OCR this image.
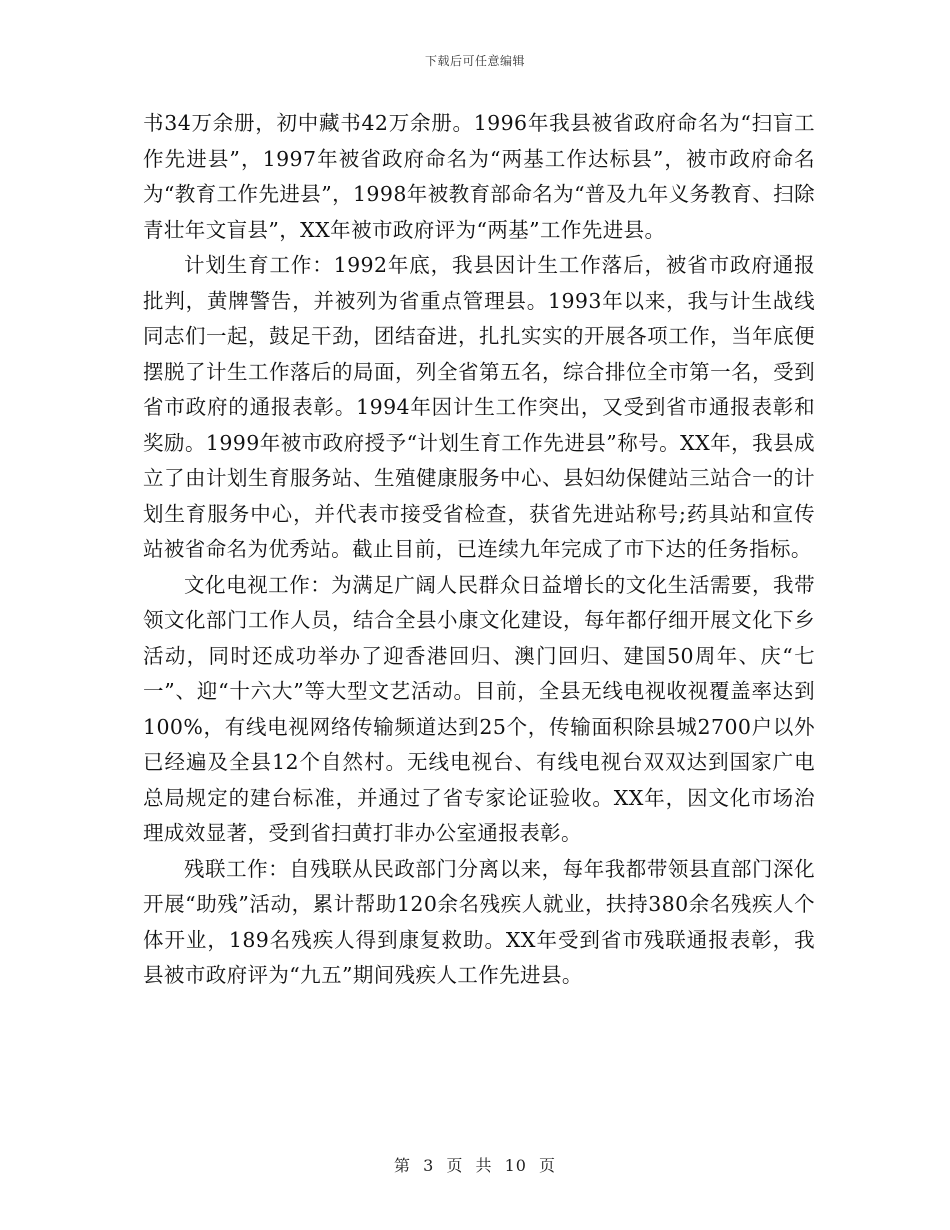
下载后可任意编辑

书34万余册，初中藏书42万余册。1996年我县被省政府命名为“扫盲工作先进县”，1997年被省政府命名为“两基工作达标县”，被市政府命名为“教育工作先进县”，1998年被教育部命名为“普及九年义务教育、扫除青壮年文盲县”，XX年被市政府评为“两基”工作先进县。

计划生育工作：1992年底，我县因计生工作落后，被省市政府通报批判，黄牌警告，并被列为省重点管理县。1993年以来，我与计生战线同志们一起，鼓足干劲，团结奋进，扎扎实实的开展各项工作，当年底便摆脱了计生工作落后的局面，列全省第五名，综合排位全市第一名，受到省市政府的通报表彰。1994年因计生工作突出，又受到省市通报表彰和奖励。1999年被市政府授予“计划生育工作先进县”称号。XX年，我县成立了由计划生育服务站、生殖健康服务中心、县妇幼保健站三站合一的计划生育服务中心，并代表市接受省检查，获省先进站称号;药具站和宣传站被省命名为优秀站。截止目前，已连续九年完成了市下达的任务指标。

文化电视工作：为满足广阔人民群众日益增长的文化生活需要，我带领文化部门工作人员，结合全县小康文化建设，每年都仔细开展文化下乡活动，同时还成功举办了迎香港回归、澳门回归、建国50周年、庆“七一”、迎“十六大”等大型文艺活动。目前，全县无线电视收视覆盖率达到100%，有线电视网络传输频道达到25个，传输面积除县城2700户以外已经遍及全县12个自然村。无线电视台、有线电视台双双达到国家广电总局规定的建台标准，并通过了省专家论证验收。XX年，因文化市场治理成效显著，受到省扫黄打非办公室通报表彰。

残联工作：自残联从民政部门分离以来，每年我都带领县直部门深化开展“助残”活动，累计帮助120余名残疾人就业，扶持380余名残疾人个体开业，189名残疾人得到康复救助。XX年受到省市残联通报表彰，我县被市政府评为“九五”期间残疾人工作先进县。

第 3 页 共 10 页
